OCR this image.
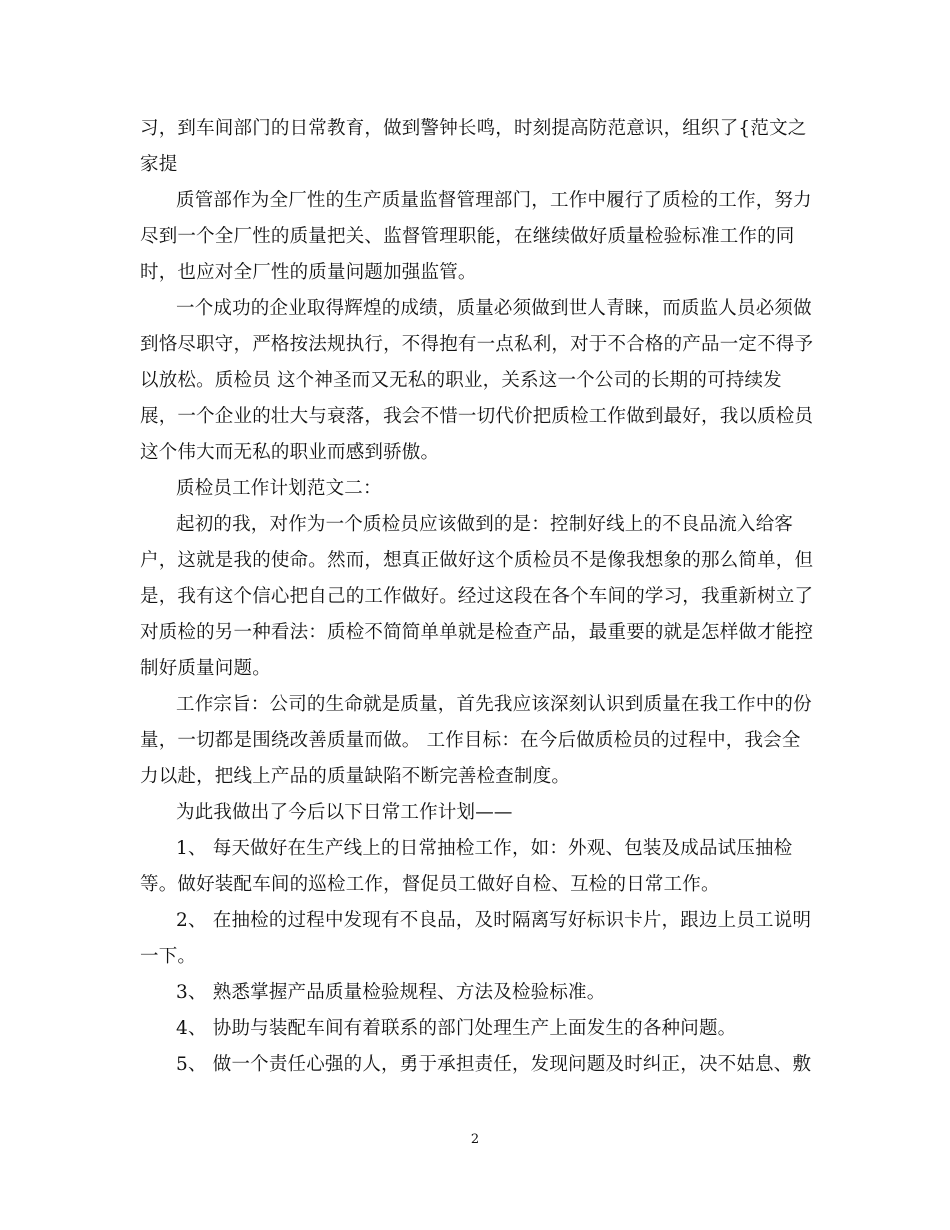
习，到车间部门的日常教育，做到警钟长鸣，时刻提高防范意识，组织了{范文之
家提
质管部作为全厂性的生产质量监督管理部门，工作中履行了质检的工作，努力
尽到一个全厂性的质量把关、监督管理职能，在继续做好质量检验标准工作的同
时，也应对全厂性的质量问题加强监管。
一个成功的企业取得辉煌的成绩，质量必须做到世人青睐，而质监人员必须做
到恪尽职守，严格按法规执行，不得抱有一点私利，对于不合格的产品一定不得予
以放松。质检员 这个神圣而又无私的职业，关系这一个公司的长期的可持续发
展，一个企业的壮大与衰落，我会不惜一切代价把质检工作做到最好，我以质检员
这个伟大而无私的职业而感到骄傲。
质检员工作计划范文二：
起初的我，对作为一个质检员应该做到的是：控制好线上的不良品流入给客
户，这就是我的使命。然而，想真正做好这个质检员不是像我想象的那么简单，但
是，我有这个信心把自己的工作做好。经过这段在各个车间的学习，我重新树立了
对质检的另一种看法：质检不简简单单就是检查产品，最重要的就是怎样做才能控
制好质量问题。
工作宗旨：公司的生命就是质量，首先我应该深刻认识到质量在我工作中的份
量，一切都是围绕改善质量而做。 工作目标：在今后做质检员的过程中，我会全
力以赴，把线上产品的质量缺陷不断完善检查制度。
为此我做出了今后以下日常工作计划——
1、 每天做好在生产线上的日常抽检工作，如：外观、包装及成品试压抽检
等。做好装配车间的巡检工作，督促员工做好自检、互检的日常工作。
2、 在抽检的过程中发现有不良品，及时隔离写好标识卡片，跟边上员工说明
一下。
3、 熟悉掌握产品质量检验规程、方法及检验标准。
4、 协助与装配车间有着联系的部门处理生产上面发生的各种问题。
5、 做一个责任心强的人，勇于承担责任，发现问题及时纠正，决不姑息、敷
2
